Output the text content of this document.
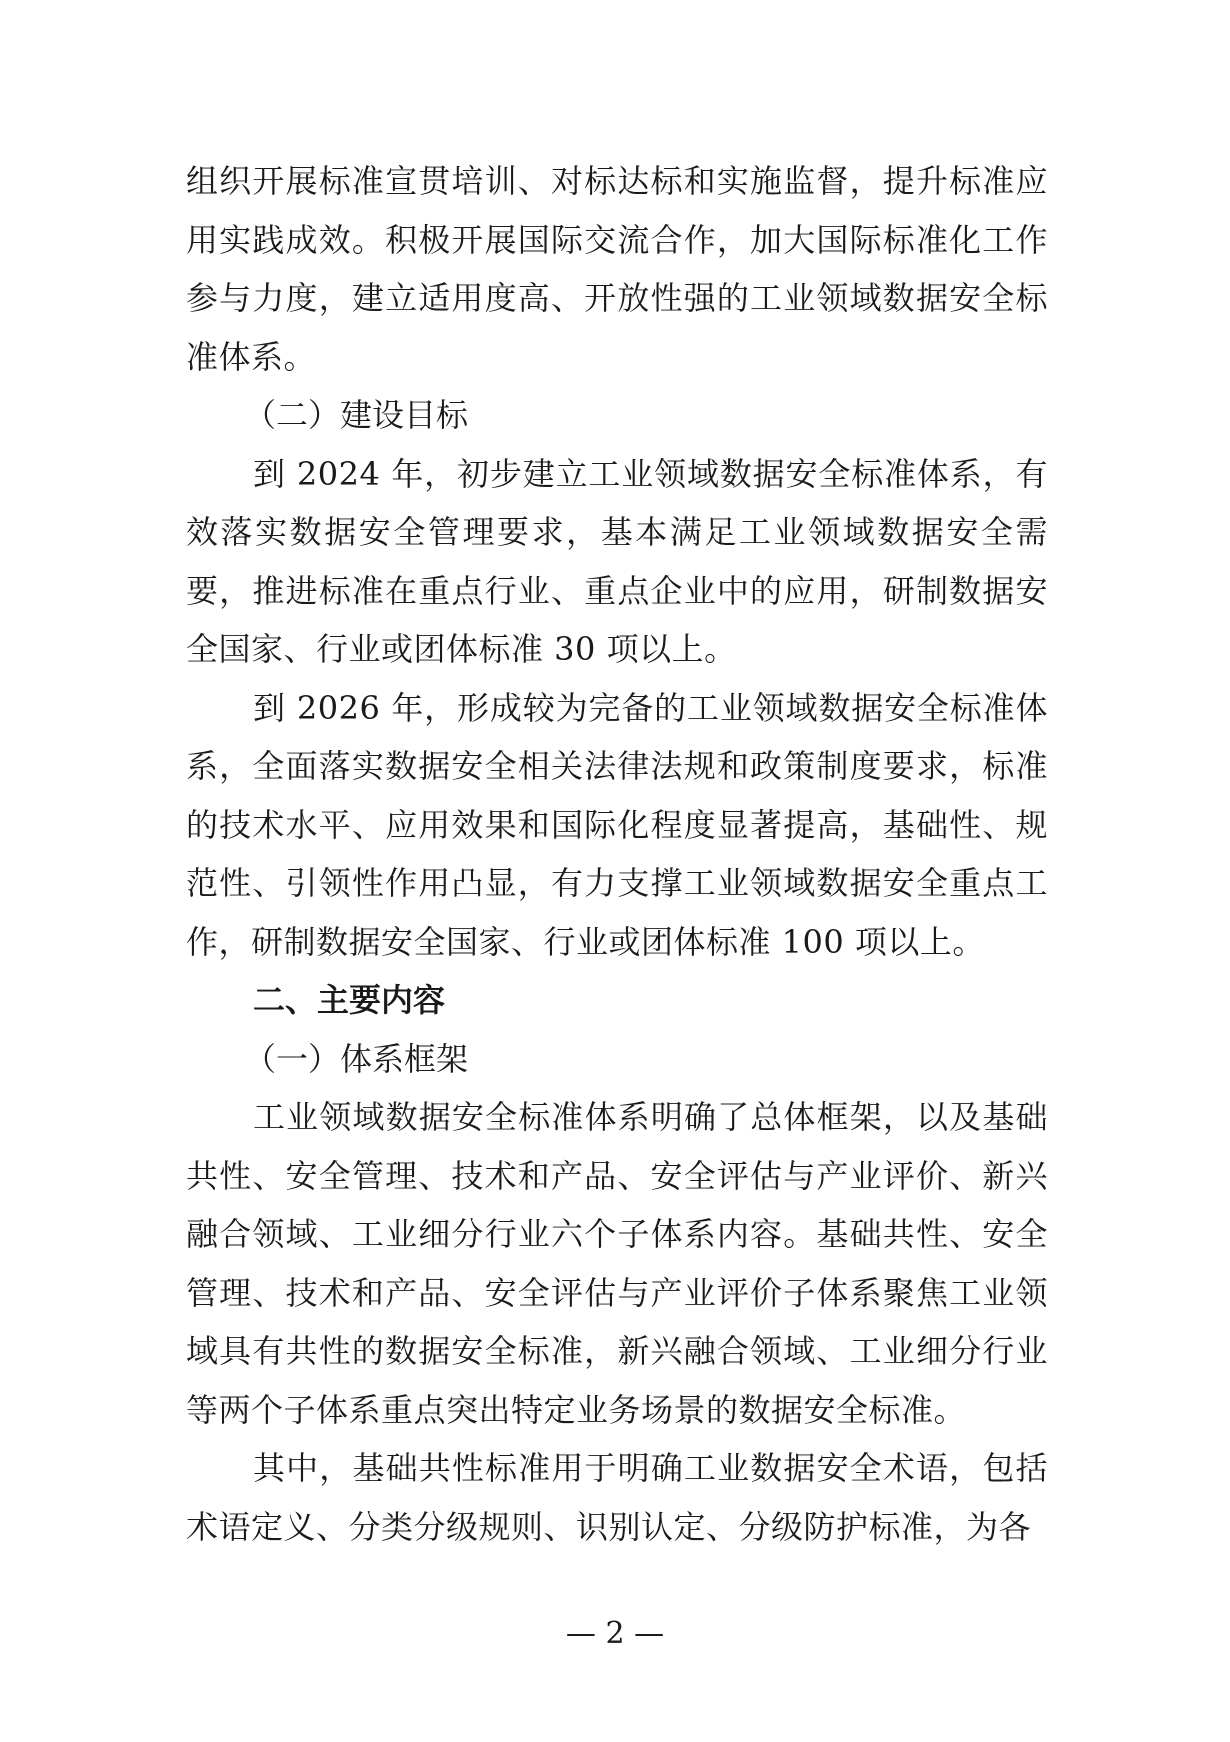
组织开展标准宣贯培训、对标达标和实施监督，提升标准应用实践成效。积极开展国际交流合作，加大国际标准化工作参与力度，建立适用度高、开放性强的工业领域数据安全标准体系。

（二）建设目标

到 2024 年，初步建立工业领域数据安全标准体系，有效落实数据安全管理要求，基本满足工业领域数据安全需要，推进标准在重点行业、重点企业中的应用，研制数据安全国家、行业或团体标准 30 项以上。

到 2026 年，形成较为完备的工业领域数据安全标准体系，全面落实数据安全相关法律法规和政策制度要求，标准的技术水平、应用效果和国际化程度显著提高，基础性、规范性、引领性作用凸显，有力支撑工业领域数据安全重点工作，研制数据安全国家、行业或团体标准 100 项以上。

二、主要内容

（一）体系框架

工业领域数据安全标准体系明确了总体框架，以及基础共性、安全管理、技术和产品、安全评估与产业评价、新兴融合领域、工业细分行业六个子体系内容。基础共性、安全管理、技术和产品、安全评估与产业评价子体系聚焦工业领域具有共性的数据安全标准，新兴融合领域、工业细分行业等两个子体系重点突出特定业务场景的数据安全标准。

其中，基础共性标准用于明确工业数据安全术语，包括术语定义、分类分级规则、识别认定、分级防护标准，为各

— 2 —
